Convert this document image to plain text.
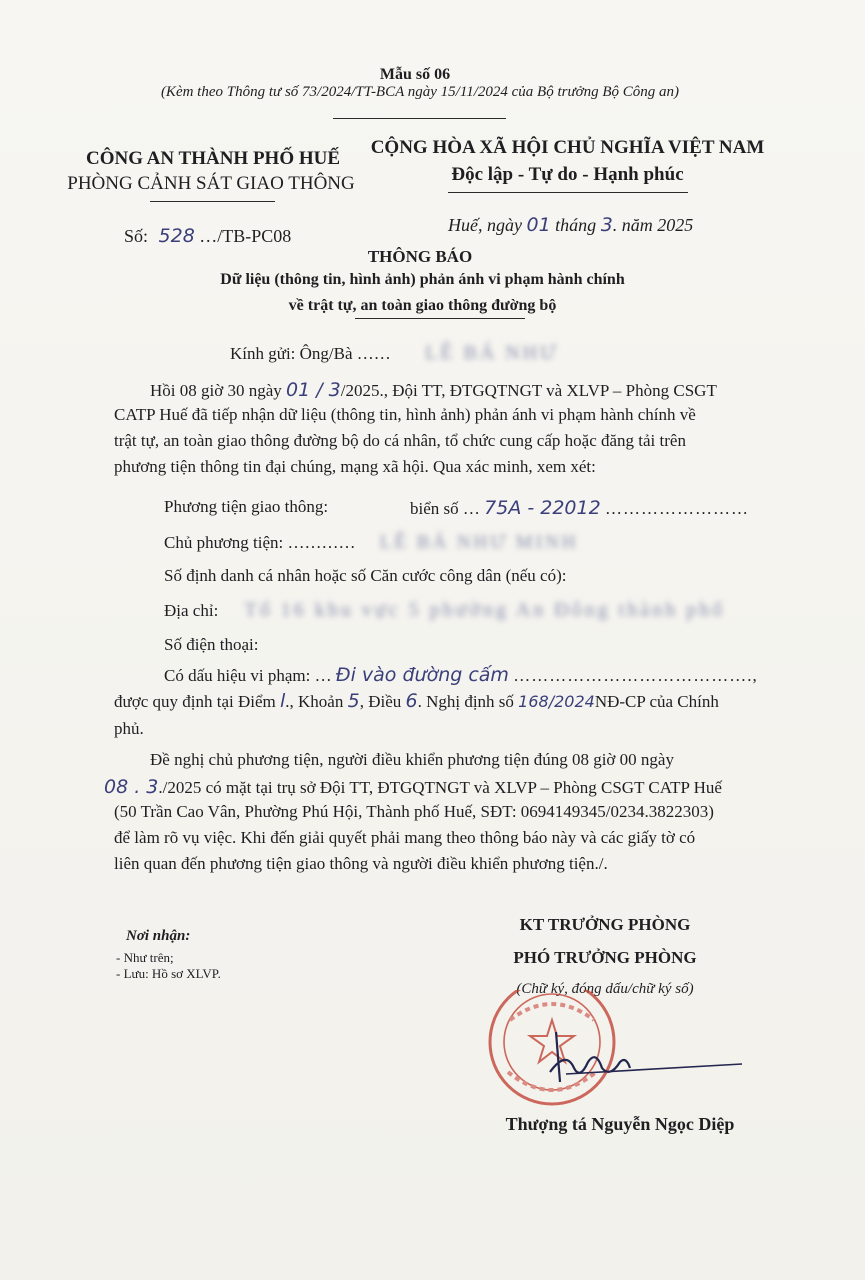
Mẫu số 06
(Kèm theo Thông tư số 73/2024/TT-BCA ngày 15/11/2024 của Bộ trưởng Bộ Công an)
CÔNG AN THÀNH PHỐ HUẾ
PHÒNG CẢNH SÁT GIAO THÔNG
CỘNG HÒA XÃ HỘI CHỦ NGHĨA VIỆT NAM
Độc lập - Tự do - Hạnh phúc
Số: 528 …/TB-PC08
Huế, ngày 01 tháng 3. năm 2025
THÔNG BÁO
Dữ liệu (thông tin, hình ảnh) phản ánh vi phạm hành chính
về trật tự, an toàn giao thông đường bộ
Kính gửi: Ông/Bà …… LÊ BÁ NHƯ
Hồi 08 giờ 30 ngày 01 / 3/2025., Đội TT, ĐTGQTNGT và XLVP – Phòng CSGT
CATP Huế đã tiếp nhận dữ liệu (thông tin, hình ảnh) phản ánh vi phạm hành chính về
trật tự, an toàn giao thông đường bộ do cá nhân, tổ chức cung cấp hoặc đăng tải trên
phương tiện thông tin đại chúng, mạng xã hội. Qua xác minh, xem xét:
Phương tiện giao thông:	biển số … 75A - 22012 ……………………
Chủ phương tiện: ………… LÊ BÁ NHƯ MINH
Số định danh cá nhân hoặc số Căn cước công dân (nếu có):
Địa chỉ: Tổ 16 khu vực 5 phường An Đông thành phố
Số điện thoại:
Có dấu hiệu vi phạm: … Đi vào đường cấm ………………………………….,
được quy định tại Điểm l., Khoản 5, Điều 6. Nghị định số 168/2024NĐ-CP của Chính
phủ.
Đề nghị chủ phương tiện, người điều khiển phương tiện đúng 08 giờ 00 ngày
08 . 3./2025 có mặt tại trụ sở Đội TT, ĐTGQTNGT và XLVP – Phòng CSGT CATP Huế
(50 Trần Cao Vân, Phường Phú Hội, Thành phố Huế, SĐT: 0694149345/0234.3822303)
để làm rõ vụ việc. Khi đến giải quyết phải mang theo thông báo này và các giấy tờ có
liên quan đến phương tiện giao thông và người điều khiển phương tiện./.
Nơi nhận:
- Như trên;
- Lưu: Hồ sơ XLVP.
KT TRƯỞNG PHÒNG
PHÓ TRƯỞNG PHÒNG
(Chữ ký, đóng dấu/chữ ký số)
Thượng tá Nguyễn Ngọc Diệp
